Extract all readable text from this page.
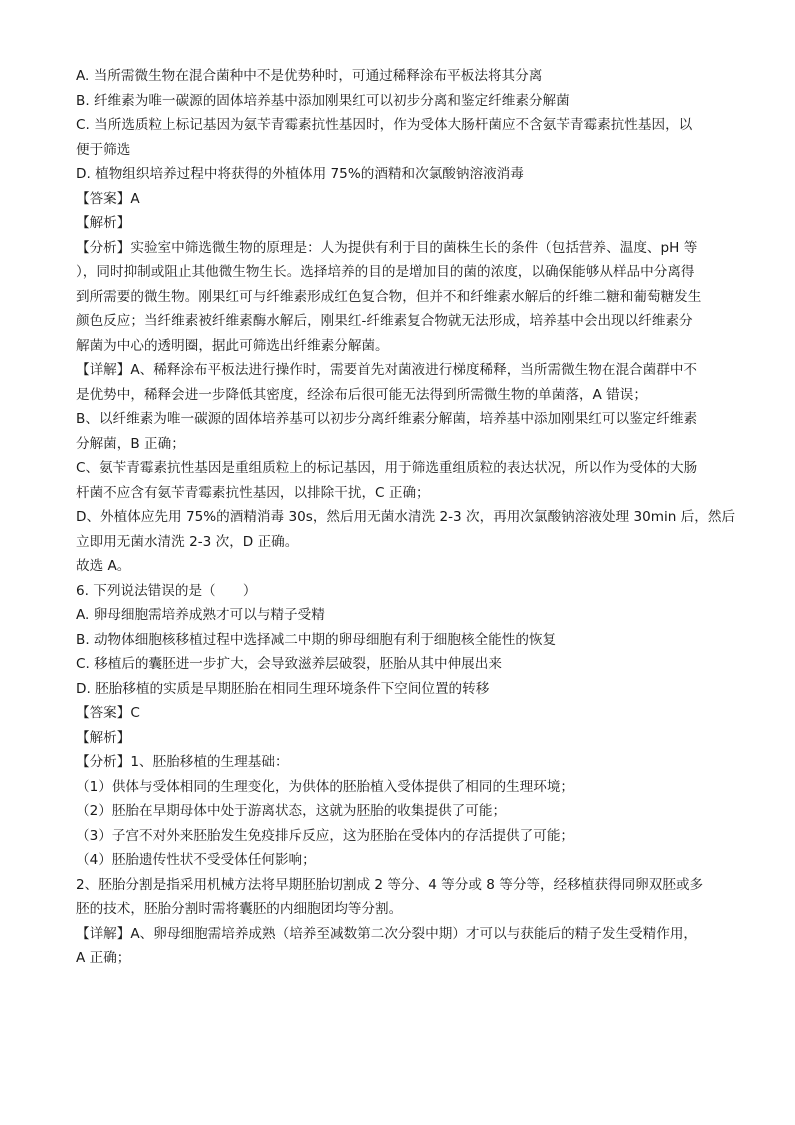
A. 当所需微生物在混合菌种中不是优势种时，可通过稀释涂布平板法将其分离

B. 纤维素为唯一碳源的固体培养基中添加刚果红可以初步分离和鉴定纤维素分解菌

C. 当所选质粒上标记基因为氨苄青霉素抗性基因时，作为受体大肠杆菌应不含氨苄青霉素抗性基因，以

便于筛选

D. 植物组织培养过程中将获得的外植体用 75%的酒精和次氯酸钠溶液消毒

【答案】A

【解析】

【分析】实验室中筛选微生物的原理是：人为提供有利于目的菌株生长的条件（包括营养、温度、pH 等

），同时抑制或阻止其他微生物生长。选择培养的目的是增加目的菌的浓度，以确保能够从样品中分离得

到所需要的微生物。刚果红可与纤维素形成红色复合物，但并不和纤维素水解后的纤维二糖和葡萄糖发生

颜色反应；当纤维素被纤维素酶水解后，刚果红-纤维素复合物就无法形成，培养基中会出现以纤维素分

解菌为中心的透明圈，据此可筛选出纤维素分解菌。

【详解】A、稀释涂布平板法进行操作时，需要首先对菌液进行梯度稀释，当所需微生物在混合菌群中不

是优势中，稀释会进一步降低其密度，经涂布后很可能无法得到所需微生物的单菌落，A 错误；

B、以纤维素为唯一碳源的固体培养基可以初步分离纤维素分解菌，培养基中添加刚果红可以鉴定纤维素

分解菌，B 正确；

C、氨苄青霉素抗性基因是重组质粒上的标记基因，用于筛选重组质粒的表达状况，所以作为受体的大肠

杆菌不应含有氨苄青霉素抗性基因，以排除干扰，C 正确；

D、外植体应先用 75%的酒精消毒 30s，然后用无菌水清洗 2-3 次，再用次氯酸钠溶液处理 30min 后，然后

立即用无菌水清洗 2-3 次，D 正确。

故选 A。

6. 下列说法错误的是（　　）

A. 卵母细胞需培养成熟才可以与精子受精

B. 动物体细胞核移植过程中选择减二中期的卵母细胞有利于细胞核全能性的恢复

C. 移植后的囊胚进一步扩大，会导致滋养层破裂，胚胎从其中伸展出来

D. 胚胎移植的实质是早期胚胎在相同生理环境条件下空间位置的转移

【答案】C

【解析】

【分析】1、胚胎移植的生理基础：

（1）供体与受体相同的生理变化，为供体的胚胎植入受体提供了相同的生理环境；

（2）胚胎在早期母体中处于游离状态，这就为胚胎的收集提供了可能；

（3）子宫不对外来胚胎发生免疫排斥反应，这为胚胎在受体内的存活提供了可能；

（4）胚胎遗传性状不受受体任何影响；

2、胚胎分割是指采用机械方法将早期胚胎切割成 2 等分、4 等分或 8 等分等，经移植获得同卵双胚或多

胚的技术，胚胎分割时需将囊胚的内细胞团均等分割。

【详解】A、卵母细胞需培养成熟（培养至减数第二次分裂中期）才可以与获能后的精子发生受精作用，

A 正确；
